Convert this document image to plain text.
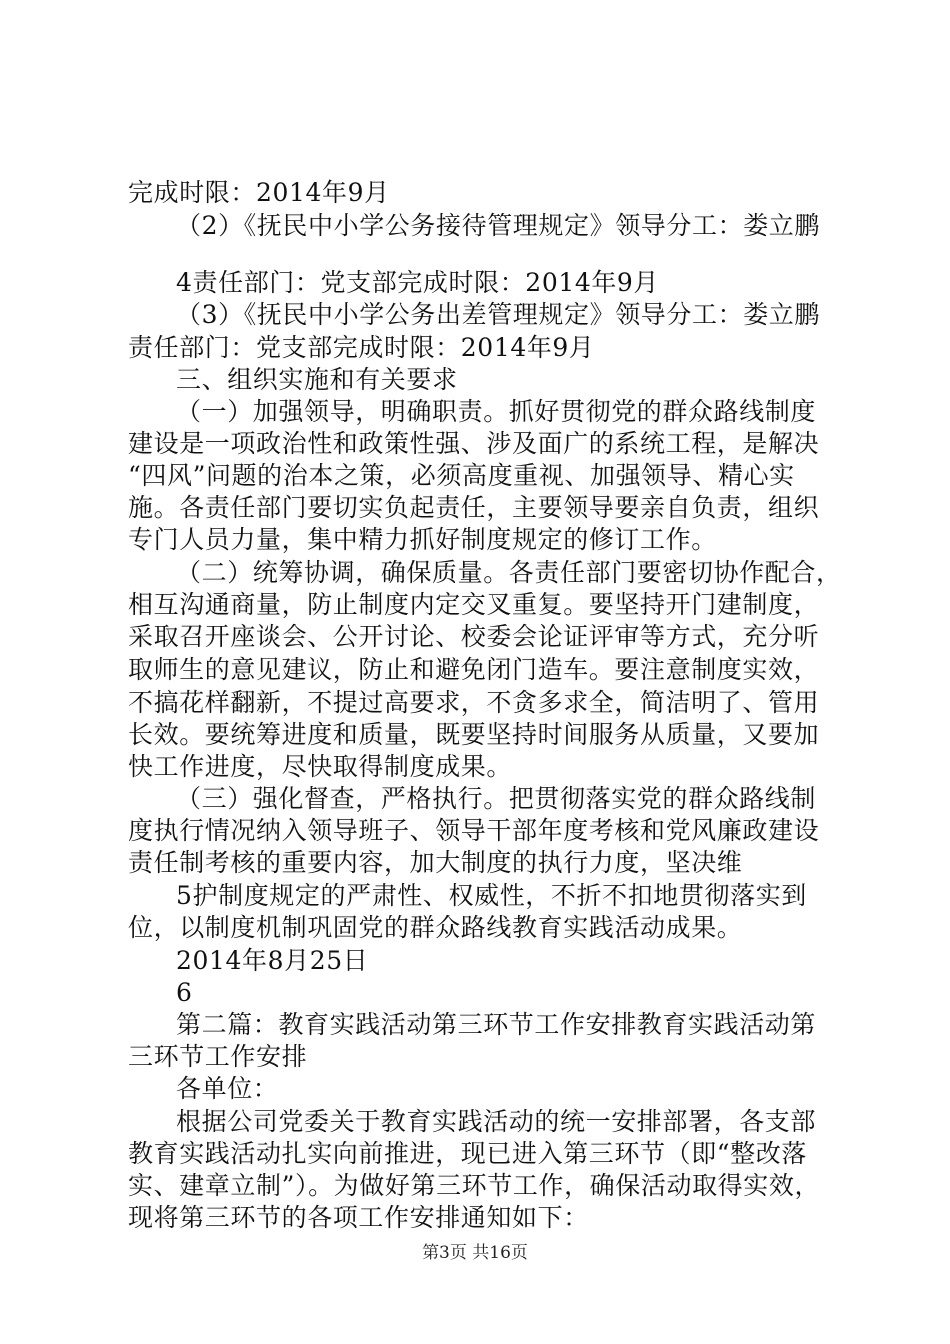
完成时限：2014年9月
（2）《抚民中小学公务接待管理规定》领导分工：娄立鹏
4责任部门：党支部完成时限：2014年9月
（3）《抚民中小学公务出差管理规定》领导分工：娄立鹏
责任部门：党支部完成时限：2014年9月
三、组织实施和有关要求
（一）加强领导，明确职责。抓好贯彻党的群众路线制度
建设是一项政治性和政策性强、涉及面广的系统工程，是解决
“四风”问题的治本之策，必须高度重视、加强领导、精心实
施。各责任部门要切实负起责任，主要领导要亲自负责，组织
专门人员力量，集中精力抓好制度规定的修订工作。
（二）统筹协调，确保质量。各责任部门要密切协作配合，
相互沟通商量，防止制度内定交叉重复。要坚持开门建制度，
采取召开座谈会、公开讨论、校委会论证评审等方式，充分听
取师生的意见建议，防止和避免闭门造车。要注意制度实效，
不搞花样翻新，不提过高要求，不贪多求全，简洁明了、管用
长效。要统筹进度和质量，既要坚持时间服务从质量，又要加
快工作进度，尽快取得制度成果。
（三）强化督查，严格执行。把贯彻落实党的群众路线制
度执行情况纳入领导班子、领导干部年度考核和党风廉政建设
责任制考核的重要内容，加大制度的执行力度，坚决维
5护制度规定的严肃性、权威性，不折不扣地贯彻落实到
位，以制度机制巩固党的群众路线教育实践活动成果。
2014年8月25日
6
第二篇：教育实践活动第三环节工作安排教育实践活动第
三环节工作安排
各单位：
根据公司党委关于教育实践活动的统一安排部署，各支部
教育实践活动扎实向前推进，现已进入第三环节（即“整改落
实、建章立制”）。为做好第三环节工作，确保活动取得实效，
现将第三环节的各项工作安排通知如下：
第3页 共16页
